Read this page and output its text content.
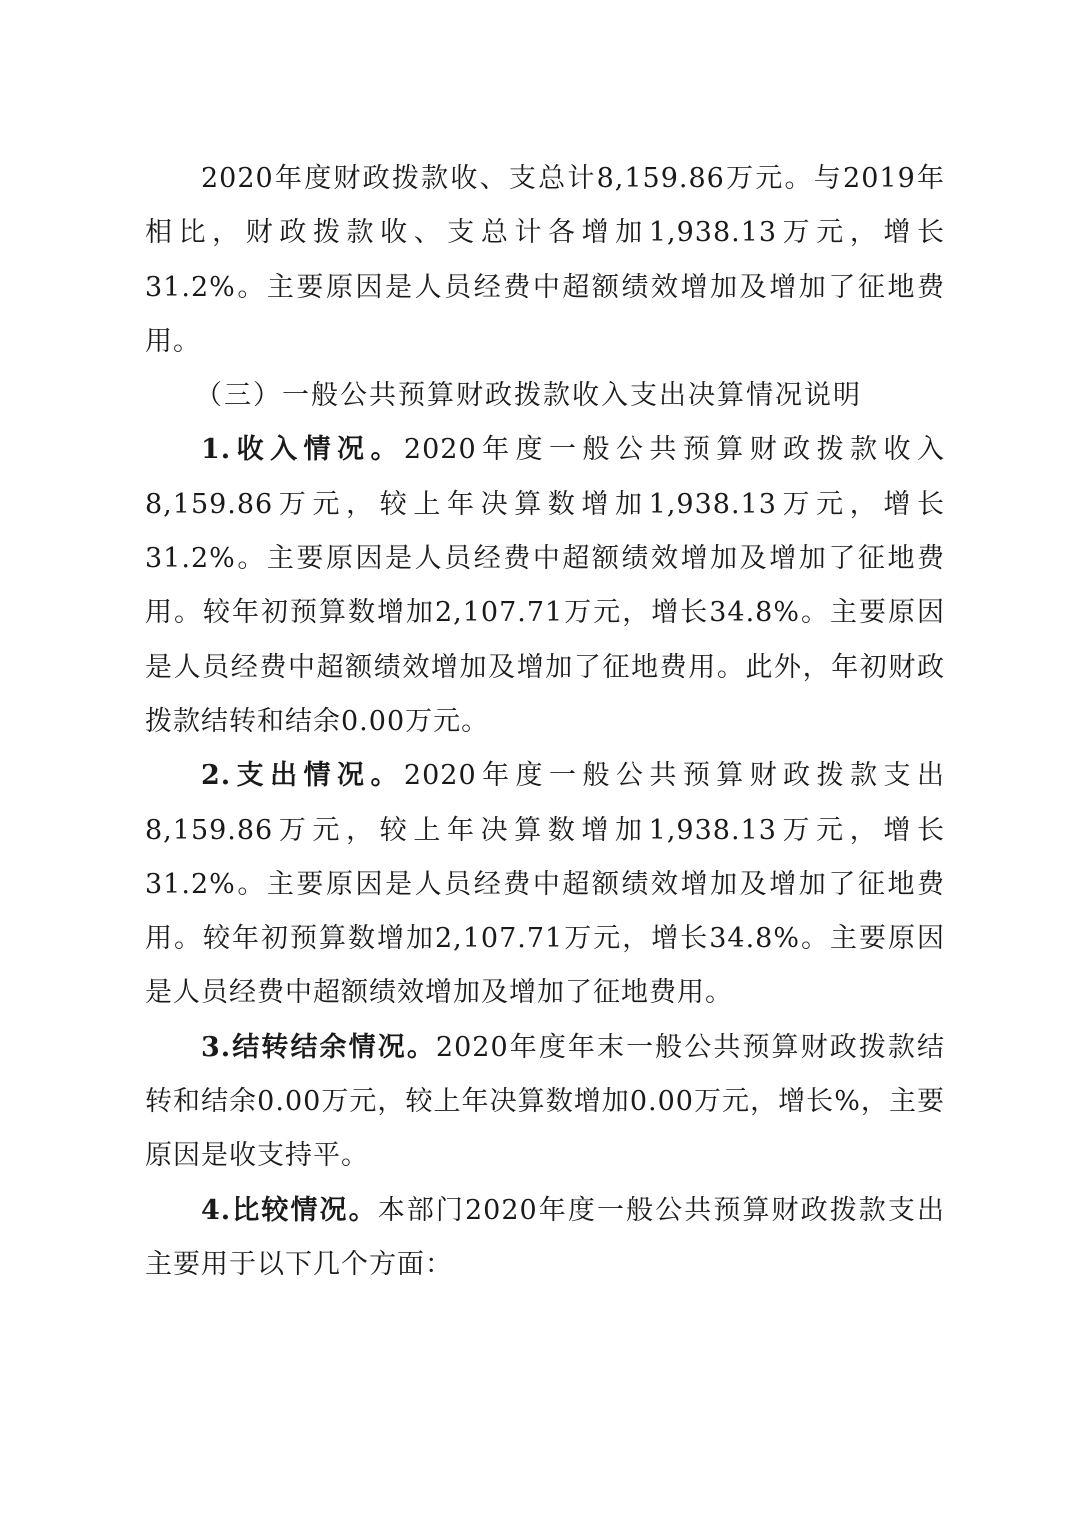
2020年度财政拨款收、支总计8,159.86万元。与2019年相比，财政拨款收、支总计各增加1,938.13万元，增长31.2%。主要原因是人员经费中超额绩效增加及增加了征地费用。

（三）一般公共预算财政拨款收入支出决算情况说明

1.收入情况。2020年度一般公共预算财政拨款收入8,159.86万元，较上年决算数增加1,938.13万元，增长31.2%。主要原因是人员经费中超额绩效增加及增加了征地费用。较年初预算数增加2,107.71万元，增长34.8%。主要原因是人员经费中超额绩效增加及增加了征地费用。此外，年初财政拨款结转和结余0.00万元。

2.支出情况。2020年度一般公共预算财政拨款支出8,159.86万元，较上年决算数增加1,938.13万元，增长31.2%。主要原因是人员经费中超额绩效增加及增加了征地费用。较年初预算数增加2,107.71万元，增长34.8%。主要原因是人员经费中超额绩效增加及增加了征地费用。

3.结转结余情况。2020年度年末一般公共预算财政拨款结转和结余0.00万元，较上年决算数增加0.00万元，增长%，主要原因是收支持平。

4.比较情况。本部门2020年度一般公共预算财政拨款支出主要用于以下几个方面：
